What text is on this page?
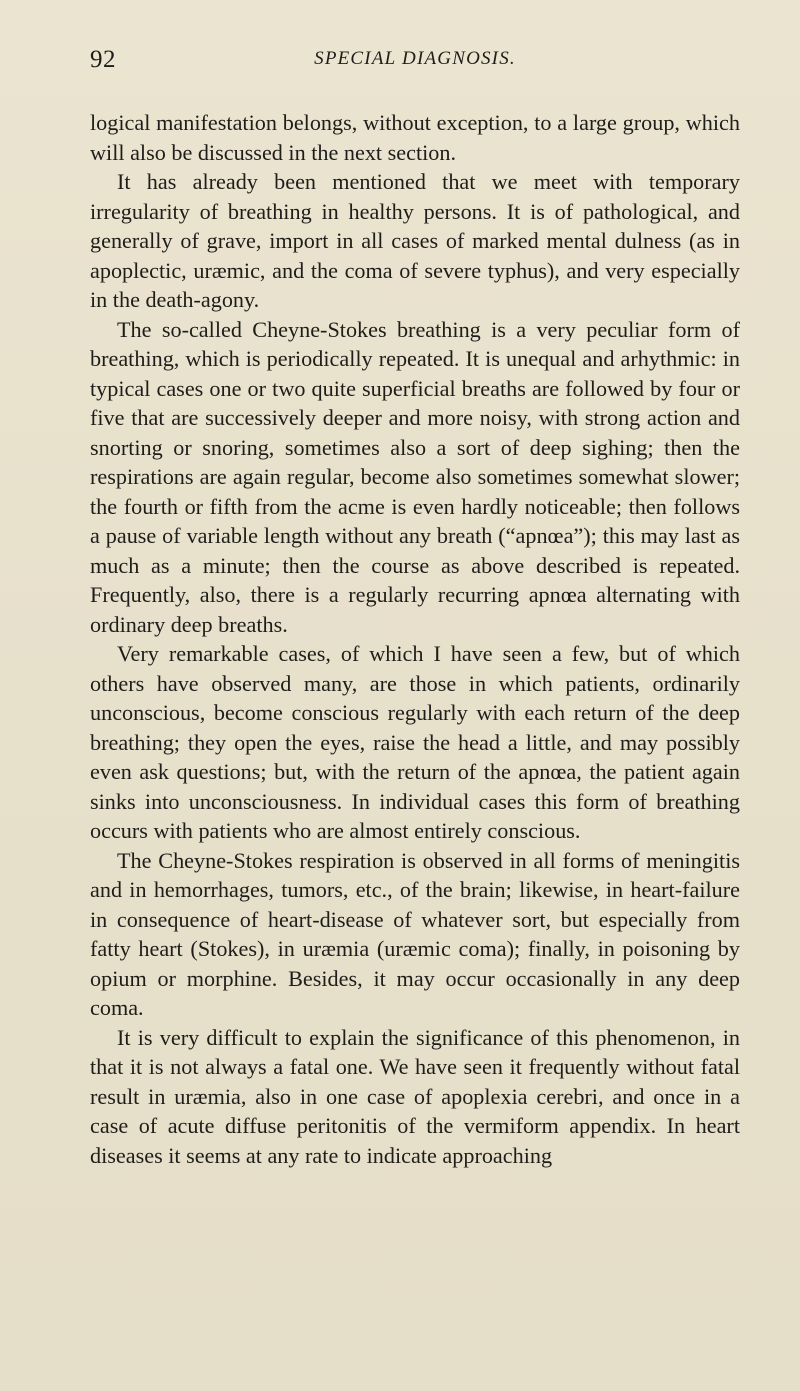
92	SPECIAL DIAGNOSIS.

logical manifestation belongs, without exception, to a large group, which will also be discussed in the next section.

It has already been mentioned that we meet with temporary irregularity of breathing in healthy persons. It is of pathological, and generally of grave, import in all cases of marked mental dulness (as in apoplectic, uræmic, and the coma of severe typhus), and very especially in the death-agony.

The so-called Cheyne-Stokes breathing is a very peculiar form of breathing, which is periodically repeated. It is unequal and arhythmic: in typical cases one or two quite superficial breaths are followed by four or five that are successively deeper and more noisy, with strong action and snorting or snoring, sometimes also a sort of deep sighing; then the respirations are again regular, become also sometimes somewhat slower; the fourth or fifth from the acme is even hardly noticeable; then follows a pause of variable length without any breath (“apnœa”); this may last as much as a minute; then the course as above described is repeated. Frequently, also, there is a regularly recurring apnœa alternating with ordinary deep breaths.

Very remarkable cases, of which I have seen a few, but of which others have observed many, are those in which patients, ordinarily unconscious, become conscious regularly with each return of the deep breathing; they open the eyes, raise the head a little, and may possibly even ask questions; but, with the return of the apnœa, the patient again sinks into unconsciousness. In individual cases this form of breathing occurs with patients who are almost entirely conscious.

The Cheyne-Stokes respiration is observed in all forms of meningitis and in hemorrhages, tumors, etc., of the brain; likewise, in heart-failure in consequence of heart-disease of whatever sort, but especially from fatty heart (Stokes), in uræmia (uræmic coma); finally, in poisoning by opium or morphine. Besides, it may occur occasionally in any deep coma.

It is very difficult to explain the significance of this phenomenon, in that it is not always a fatal one. We have seen it frequently without fatal result in uræmia, also in one case of apoplexia cerebri, and once in a case of acute diffuse peritonitis of the vermiform appendix. In heart diseases it seems at any rate to indicate approaching
